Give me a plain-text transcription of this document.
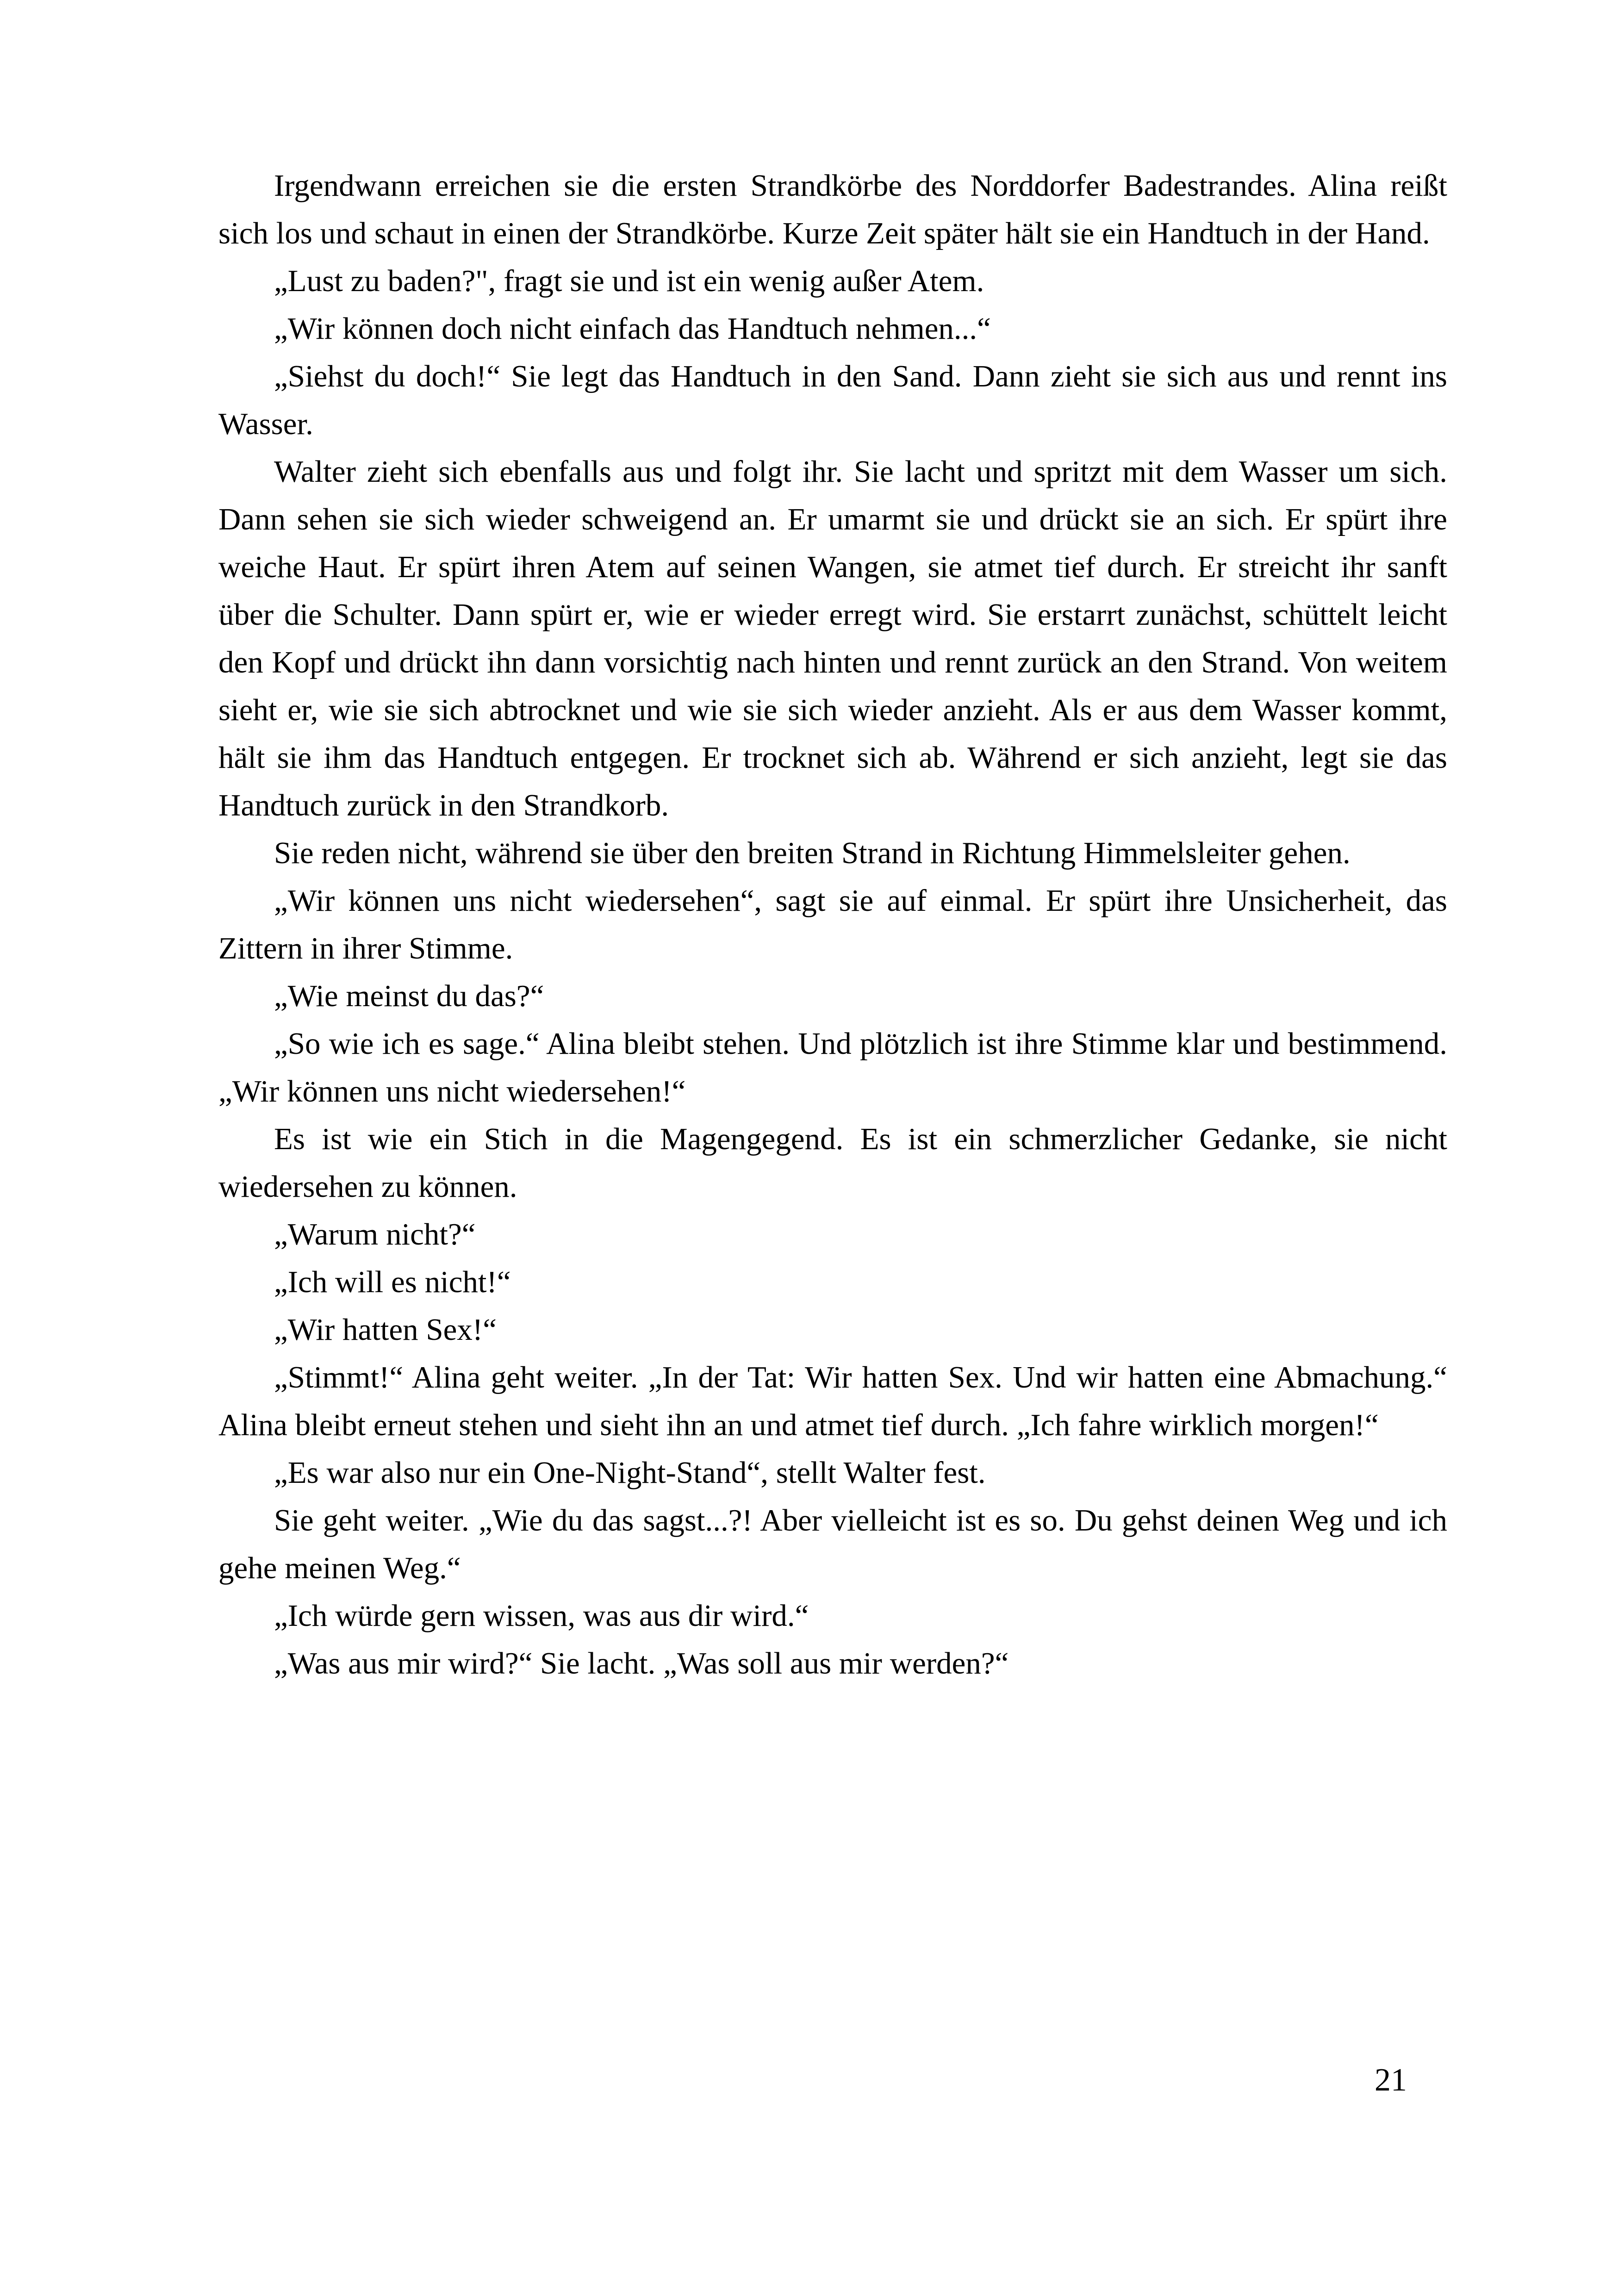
Irgendwann erreichen sie die ersten Strandkörbe des Norddorfer Badestrandes. Alina reißt sich los und schaut in einen der Strandkörbe. Kurze Zeit später hält sie ein Handtuch in der Hand.

„Lust zu baden?", fragt sie und ist ein wenig außer Atem.

„Wir können doch nicht einfach das Handtuch nehmen...“

„Siehst du doch!“ Sie legt das Handtuch in den Sand. Dann zieht sie sich aus und rennt ins Wasser.

Walter zieht sich ebenfalls aus und folgt ihr. Sie lacht und spritzt mit dem Wasser um sich. Dann sehen sie sich wieder schweigend an. Er umarmt sie und drückt sie an sich. Er spürt ihre weiche Haut. Er spürt ihren Atem auf seinen Wangen, sie atmet tief durch. Er streicht ihr sanft über die Schulter. Dann spürt er, wie er wieder erregt wird. Sie erstarrt zunächst, schüttelt leicht den Kopf und drückt ihn dann vorsichtig nach hinten und rennt zurück an den Strand. Von weitem sieht er, wie sie sich abtrocknet und wie sie sich wieder anzieht. Als er aus dem Wasser kommt, hält sie ihm das Handtuch entgegen. Er trocknet sich ab. Während er sich anzieht, legt sie das Handtuch zurück in den Strandkorb.

Sie reden nicht, während sie über den breiten Strand in Richtung Himmelsleiter gehen.

„Wir können uns nicht wiedersehen“, sagt sie auf einmal. Er spürt ihre Unsicherheit, das Zittern in ihrer Stimme.

„Wie meinst du das?“

„So wie ich es sage.“ Alina bleibt stehen. Und plötzlich ist ihre Stimme klar und bestimmend. „Wir können uns nicht wiedersehen!“

Es ist wie ein Stich in die Magengegend. Es ist ein schmerzlicher Gedanke, sie nicht wiedersehen zu können.

„Warum nicht?“

„Ich will es nicht!“

„Wir hatten Sex!“

„Stimmt!“ Alina geht weiter. „In der Tat: Wir hatten Sex. Und wir hatten eine Abmachung.“ Alina bleibt erneut stehen und sieht ihn an und atmet tief durch. „Ich fahre wirklich morgen!“

„Es war also nur ein One-Night-Stand“, stellt Walter fest.

Sie geht weiter. „Wie du das sagst...?! Aber vielleicht ist es so. Du gehst deinen Weg und ich gehe meinen Weg.“

„Ich würde gern wissen, was aus dir wird.“

„Was aus mir wird?“ Sie lacht. „Was soll aus mir werden?“

21
